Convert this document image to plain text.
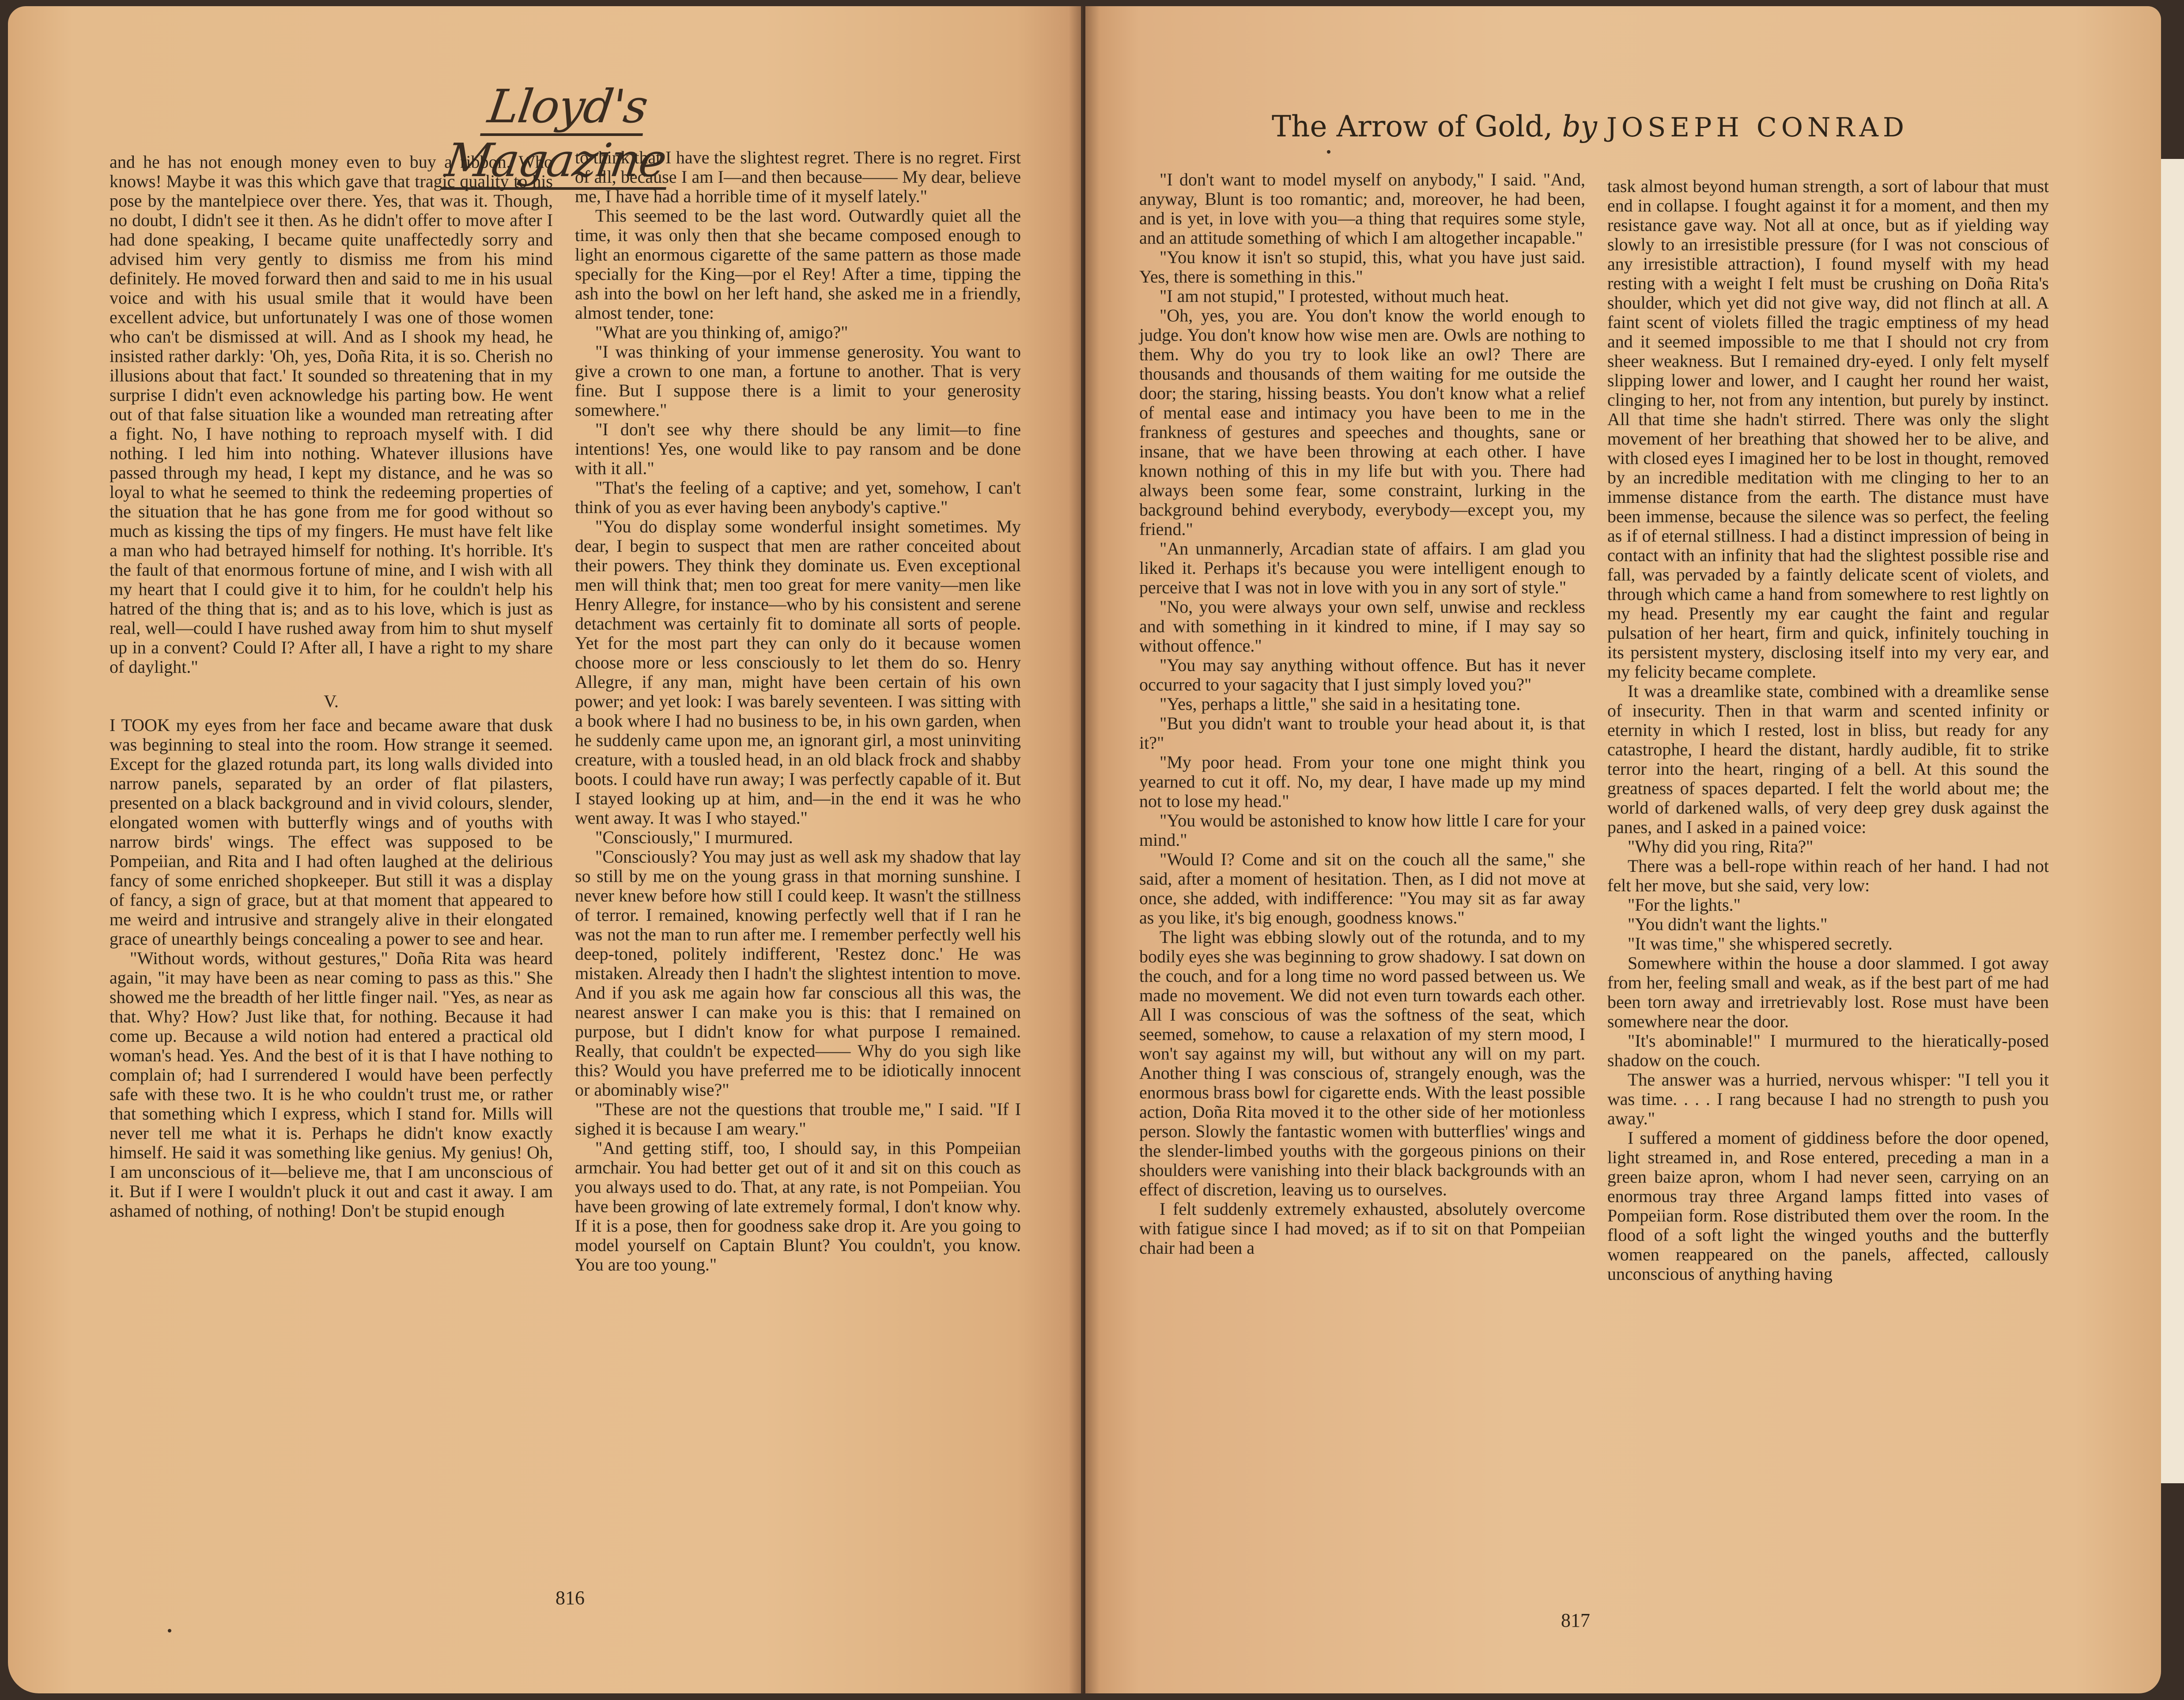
Lloyd's Magazine
The Arrow of Gold, by JOSEPH CONRAD

and he has not enough money even to buy a ribbon. Who knows! Maybe it was this which gave that tragic quality to his pose by the mantelpiece over there. Yes, that was it. Though, no doubt, I didn't see it then. As he didn't offer to move after I had done speaking, I became quite unaffectedly sorry and advised him very gently to dismiss me from his mind definitely. He moved forward then and said to me in his usual voice and with his usual smile that it would have been excellent advice, but unfortunately I was one of those women who can't be dismissed at will. And as I shook my head, he insisted rather darkly: 'Oh, yes, Doña Rita, it is so. Cherish no illusions about that fact.' It sounded so threatening that in my surprise I didn't even acknowledge his parting bow. He went out of that false situation like a wounded man retreating after a fight. No, I have nothing to reproach myself with. I did nothing. I led him into nothing. Whatever illusions have passed through my head, I kept my distance, and he was so loyal to what he seemed to think the redeeming properties of the situation that he has gone from me for good without so much as kissing the tips of my fingers. He must have felt like a man who had betrayed himself for nothing. It's horrible. It's the fault of that enormous fortune of mine, and I wish with all my heart that I could give it to him, for he couldn't help his hatred of the thing that is; and as to his love, which is just as real, well—could I have rushed away from him to shut myself up in a convent? Could I? After all, I have a right to my share of daylight."

V.

I TOOK my eyes from her face and became aware that dusk was beginning to steal into the room. How strange it seemed. Except for the glazed rotunda part, its long walls divided into narrow panels, separated by an order of flat pilasters, presented on a black background and in vivid colours, slender, elongated women with butterfly wings and of youths with narrow birds' wings. The effect was supposed to be Pompeiian, and Rita and I had often laughed at the delirious fancy of some enriched shopkeeper. But still it was a display of fancy, a sign of grace, but at that moment that appeared to me weird and intrusive and strangely alive in their elongated grace of unearthly beings concealing a power to see and hear.

"Without words, without gestures," Doña Rita was heard again, "it may have been as near coming to pass as this." She showed me the breadth of her little finger nail. "Yes, as near as that. Why? How? Just like that, for nothing. Because it had come up. Because a wild notion had entered a practical old woman's head. Yes. And the best of it is that I have nothing to complain of; had I surrendered I would have been perfectly safe with these two. It is he who couldn't trust me, or rather that something which I express, which I stand for. Mills will never tell me what it is. Perhaps he didn't know exactly himself. He said it was something like genius. My genius! Oh, I am unconscious of it—believe me, that I am unconscious of it. But if I were I wouldn't pluck it out and cast it away. I am ashamed of nothing, of nothing! Don't be stupid enough

to think that I have the slightest regret. There is no regret. First of all, because I am I—and then because—— My dear, believe me, I have had a horrible time of it myself lately."

This seemed to be the last word. Outwardly quiet all the time, it was only then that she became composed enough to light an enormous cigarette of the same pattern as those made specially for the King—por el Rey! After a time, tipping the ash into the bowl on her left hand, she asked me in a friendly, almost tender, tone:

"What are you thinking of, amigo?"

"I was thinking of your immense generosity. You want to give a crown to one man, a fortune to another. That is very fine. But I suppose there is a limit to your generosity somewhere."

"I don't see why there should be any limit—to fine intentions! Yes, one would like to pay ransom and be done with it all."

"That's the feeling of a captive; and yet, somehow, I can't think of you as ever having been anybody's captive."

"You do display some wonderful insight sometimes. My dear, I begin to suspect that men are rather conceited about their powers. They think they dominate us. Even exceptional men will think that; men too great for mere vanity—men like Henry Allegre, for instance—who by his consistent and serene detachment was certainly fit to dominate all sorts of people. Yet for the most part they can only do it because women choose more or less consciously to let them do so. Henry Allegre, if any man, might have been certain of his own power; and yet look: I was barely seventeen. I was sitting with a book where I had no business to be, in his own garden, when he suddenly came upon me, an ignorant girl, a most uninviting creature, with a tousled head, in an old black frock and shabby boots. I could have run away; I was perfectly capable of it. But I stayed looking up at him, and—in the end it was he who went away. It was I who stayed."

"Consciously," I murmured.

"Consciously? You may just as well ask my shadow that lay so still by me on the young grass in that morning sunshine. I never knew before how still I could keep. It wasn't the stillness of terror. I remained, knowing perfectly well that if I ran he was not the man to run after me. I remember perfectly well his deep-toned, politely indifferent, 'Restez donc.' He was mistaken. Already then I hadn't the slightest intention to move. And if you ask me again how far conscious all this was, the nearest answer I can make you is this: that I remained on purpose, but I didn't know for what purpose I remained. Really, that couldn't be expected—— Why do you sigh like this? Would you have preferred me to be idiotically innocent or abominably wise?"

"These are not the questions that trouble me," I said. "If I sighed it is because I am weary."

"And getting stiff, too, I should say, in this Pompeiian armchair. You had better get out of it and sit on this couch as you always used to do. That, at any rate, is not Pompeiian. You have been growing of late extremely formal, I don't know why. If it is a pose, then for goodness sake drop it. Are you going to model yourself on Captain Blunt? You couldn't, you know. You are too young."

"I don't want to model myself on anybody," I said. "And, anyway, Blunt is too romantic; and, moreover, he had been, and is yet, in love with you—a thing that requires some style, and an attitude something of which I am altogether incapable."

"You know it isn't so stupid, this, what you have just said. Yes, there is something in this."

"I am not stupid," I protested, without much heat.

"Oh, yes, you are. You don't know the world enough to judge. You don't know how wise men are. Owls are nothing to them. Why do you try to look like an owl? There are thousands and thousands of them waiting for me outside the door; the staring, hissing beasts. You don't know what a relief of mental ease and intimacy you have been to me in the frankness of gestures and speeches and thoughts, sane or insane, that we have been throwing at each other. I have known nothing of this in my life but with you. There had always been some fear, some constraint, lurking in the background behind everybody, everybody—except you, my friend."

"An unmannerly, Arcadian state of affairs. I am glad you liked it. Perhaps it's because you were intelligent enough to perceive that I was not in love with you in any sort of style."

"No, you were always your own self, unwise and reckless and with something in it kindred to mine, if I may say so without offence."

"You may say anything without offence. But has it never occurred to your sagacity that I just simply loved you?"

"Yes, perhaps a little," she said in a hesitating tone.

"But you didn't want to trouble your head about it, is that it?"

"My poor head. From your tone one might think you yearned to cut it off. No, my dear, I have made up my mind not to lose my head."

"You would be astonished to know how little I care for your mind."

"Would I? Come and sit on the couch all the same," she said, after a moment of hesitation. Then, as I did not move at once, she added, with indifference: "You may sit as far away as you like, it's big enough, goodness knows."

The light was ebbing slowly out of the rotunda, and to my bodily eyes she was beginning to grow shadowy. I sat down on the couch, and for a long time no word passed between us. We made no movement. We did not even turn towards each other. All I was conscious of was the softness of the seat, which seemed, somehow, to cause a relaxation of my stern mood, I won't say against my will, but without any will on my part. Another thing I was conscious of, strangely enough, was the enormous brass bowl for cigarette ends. With the least possible action, Doña Rita moved it to the other side of her motionless person. Slowly the fantastic women with butterflies' wings and the slender-limbed youths with the gorgeous pinions on their shoulders were vanishing into their black backgrounds with an effect of discretion, leaving us to ourselves.

I felt suddenly extremely exhausted, absolutely overcome with fatigue since I had moved; as if to sit on that Pompeiian chair had been a

task almost beyond human strength, a sort of labour that must end in collapse. I fought against it for a moment, and then my resistance gave way. Not all at once, but as if yielding way slowly to an irresistible pressure (for I was not conscious of any irresistible attraction), I found myself with my head resting with a weight I felt must be crushing on Doña Rita's shoulder, which yet did not give way, did not flinch at all. A faint scent of violets filled the tragic emptiness of my head and it seemed impossible to me that I should not cry from sheer weakness. But I remained dry-eyed. I only felt myself slipping lower and lower, and I caught her round her waist, clinging to her, not from any intention, but purely by instinct. All that time she hadn't stirred. There was only the slight movement of her breathing that showed her to be alive, and with closed eyes I imagined her to be lost in thought, removed by an incredible meditation with me clinging to her to an immense distance from the earth. The distance must have been immense, because the silence was so perfect, the feeling as if of eternal stillness. I had a distinct impression of being in contact with an infinity that had the slightest possible rise and fall, was pervaded by a faintly delicate scent of violets, and through which came a hand from somewhere to rest lightly on my head. Presently my ear caught the faint and regular pulsation of her heart, firm and quick, infinitely touching in its persistent mystery, disclosing itself into my very ear, and my felicity became complete.

It was a dreamlike state, combined with a dreamlike sense of insecurity. Then in that warm and scented infinity or eternity in which I rested, lost in bliss, but ready for any catastrophe, I heard the distant, hardly audible, fit to strike terror into the heart, ringing of a bell. At this sound the greatness of spaces departed. I felt the world about me; the world of darkened walls, of very deep grey dusk against the panes, and I asked in a pained voice:

"Why did you ring, Rita?"

There was a bell-rope within reach of her hand. I had not felt her move, but she said, very low:

"For the lights."

"You didn't want the lights."

"It was time," she whispered secretly.

Somewhere within the house a door slammed. I got away from her, feeling small and weak, as if the best part of me had been torn away and irretrievably lost. Rose must have been somewhere near the door.

"It's abominable!" I murmured to the hieratically-posed shadow on the couch.

The answer was a hurried, nervous whisper: "I tell you it was time. . . . I rang because I had no strength to push you away."

I suffered a moment of giddiness before the door opened, light streamed in, and Rose entered, preceding a man in a green baize apron, whom I had never seen, carrying on an enormous tray three Argand lamps fitted into vases of Pompeiian form. Rose distributed them over the room. In the flood of a soft light the winged youths and the butterfly women reappeared on the panels, affected, callously unconscious of anything having

816
817
